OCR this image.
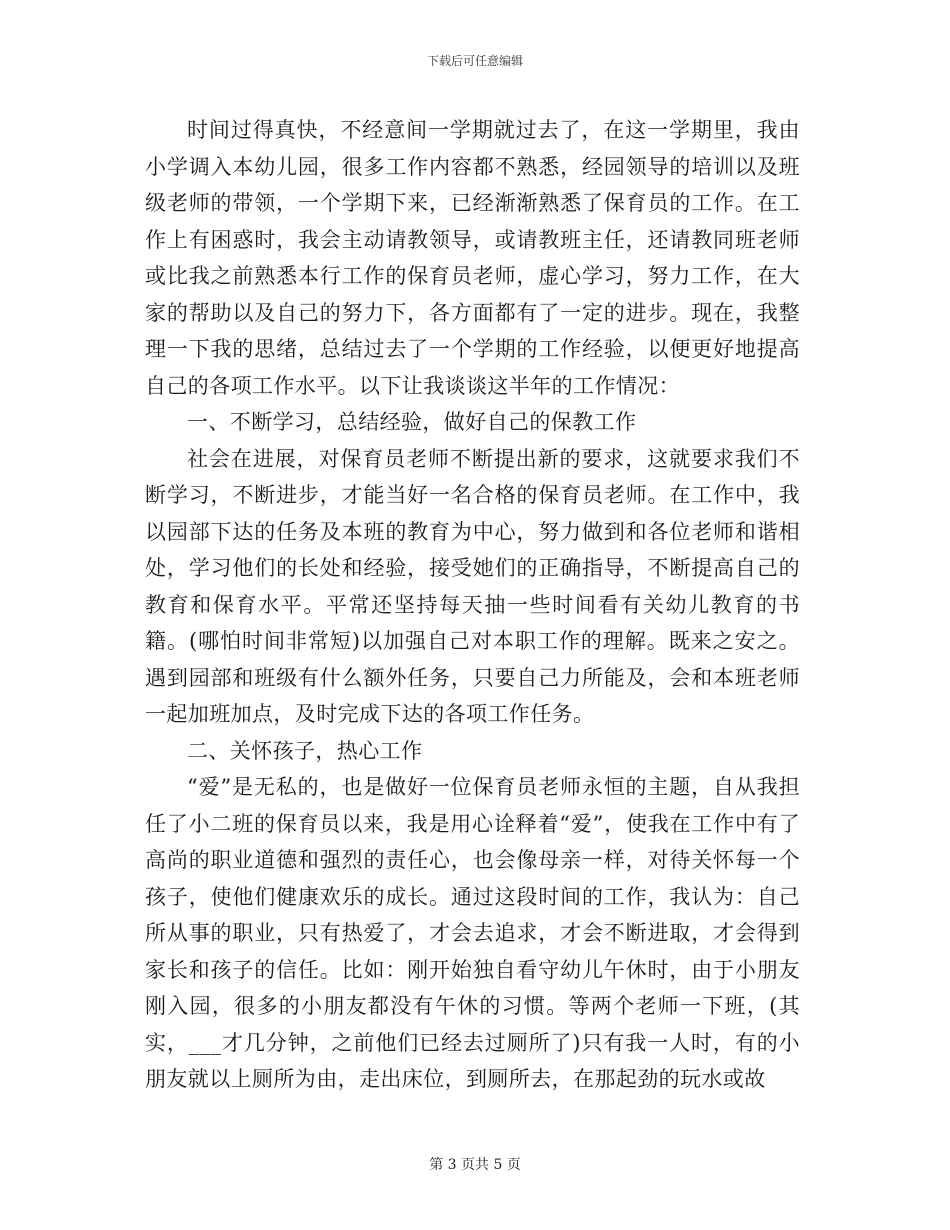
下载后可任意编辑

时间过得真快，不经意间一学期就过去了，在这一学期里，我由小学调入本幼儿园，很多工作内容都不熟悉，经园领导的培训以及班级老师的带领，一个学期下来，已经渐渐熟悉了保育员的工作。在工作上有困惑时，我会主动请教领导，或请教班主任，还请教同班老师或比我之前熟悉本行工作的保育员老师，虚心学习，努力工作，在大家的帮助以及自己的努力下，各方面都有了一定的进步。现在，我整理一下我的思绪，总结过去了一个学期的工作经验，以便更好地提高自己的各项工作水平。以下让我谈谈这半年的工作情况：

一、不断学习，总结经验，做好自己的保教工作

社会在进展，对保育员老师不断提出新的要求，这就要求我们不断学习，不断进步，才能当好一名合格的保育员老师。在工作中，我以园部下达的任务及本班的教育为中心，努力做到和各位老师和谐相处，学习他们的长处和经验，接受她们的正确指导，不断提高自己的教育和保育水平。平常还坚持每天抽一些时间看有关幼儿教育的书籍。(哪怕时间非常短)以加强自己对本职工作的理解。既来之安之。遇到园部和班级有什么额外任务，只要自己力所能及，会和本班老师一起加班加点，及时完成下达的各项工作任务。

二、关怀孩子，热心工作

“爱”是无私的，也是做好一位保育员老师永恒的主题，自从我担任了小二班的保育员以来，我是用心诠释着“爱”，使我在工作中有了高尚的职业道德和强烈的责任心，也会像母亲一样，对待关怀每一个孩子，使他们健康欢乐的成长。通过这段时间的工作，我认为：自己所从事的职业，只有热爱了，才会去追求，才会不断进取，才会得到家长和孩子的信任。比如：刚开始独自看守幼儿午休时，由于小朋友刚入园，很多的小朋友都没有午休的习惯。等两个老师一下班，(其实，___才几分钟，之前他们已经去过厕所了)只有我一人时，有的小朋友就以上厕所为由，走出床位，到厕所去，在那起劲的玩水或故

第 3 页共 5 页
